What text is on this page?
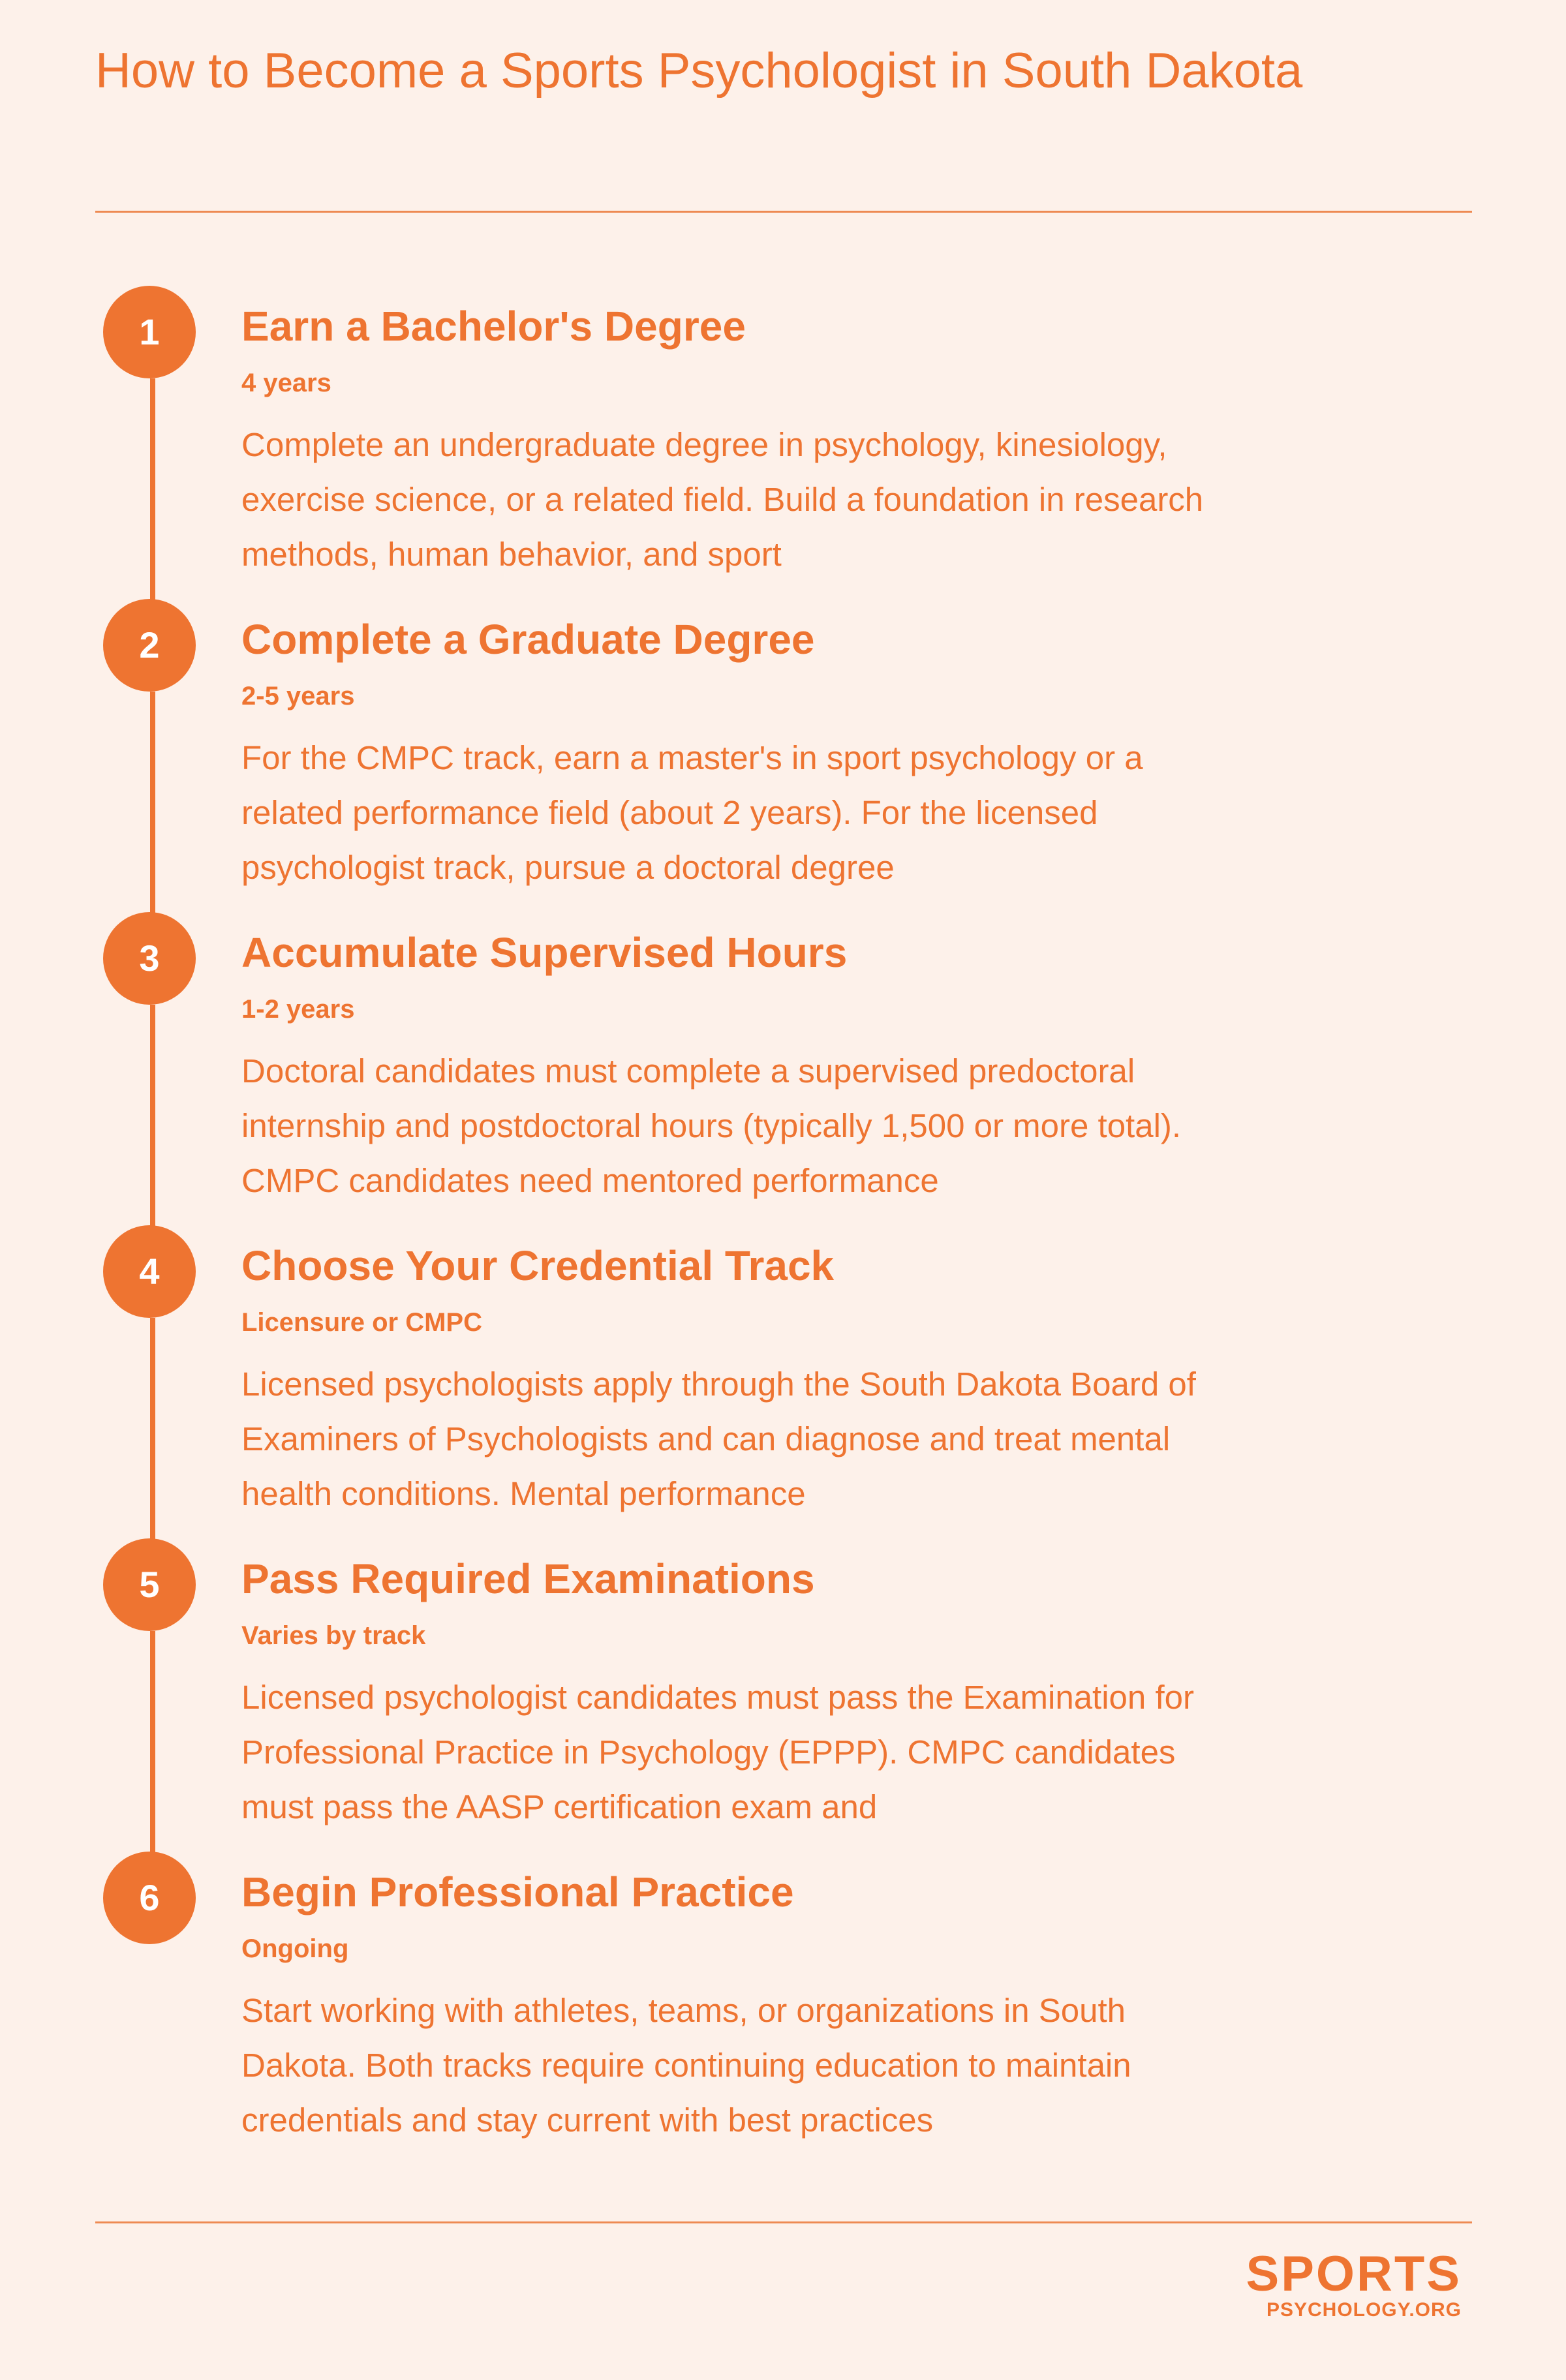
How to Become a Sports Psychologist in South Dakota
1	Earn a Bachelor's Degree
4 years
Complete an undergraduate degree in psychology, kinesiology, exercise science, or a related field. Build a foundation in research methods, human behavior, and sport
2	Complete a Graduate Degree
2-5 years
For the CMPC track, earn a master's in sport psychology or a related performance field (about 2 years). For the licensed psychologist track, pursue a doctoral degree
3	Accumulate Supervised Hours
1-2 years
Doctoral candidates must complete a supervised predoctoral internship and postdoctoral hours (typically 1,500 or more total). CMPC candidates need mentored performance
4	Choose Your Credential Track
Licensure or CMPC
Licensed psychologists apply through the South Dakota Board of Examiners of Psychologists and can diagnose and treat mental health conditions. Mental performance
5	Pass Required Examinations
Varies by track
Licensed psychologist candidates must pass the Examination for Professional Practice in Psychology (EPPP). CMPC candidates must pass the AASP certification exam and
6	Begin Professional Practice
Ongoing
Start working with athletes, teams, or organizations in South Dakota. Both tracks require continuing education to maintain credentials and stay current with best practices
SPORTS
PSYCHOLOGY.ORG
